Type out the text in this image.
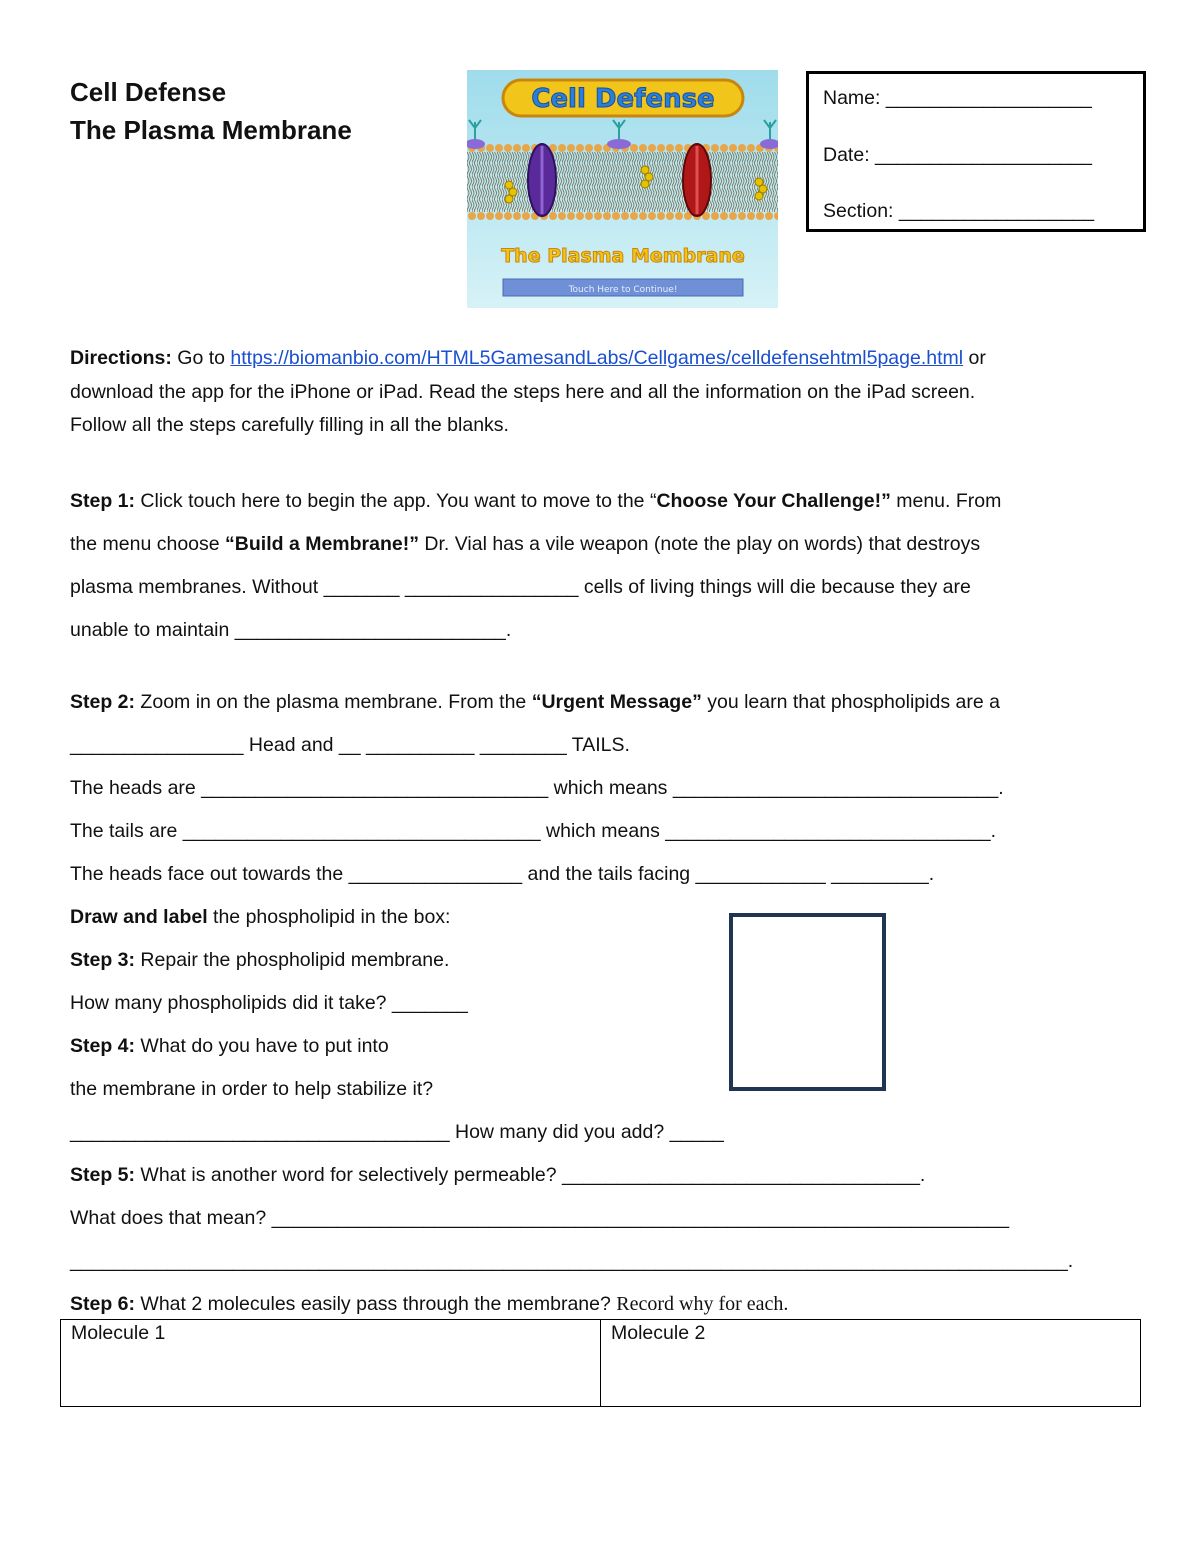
Cell Defense
The Plasma Membrane
Cell Defense
The Plasma Membrane
Touch Here to Continue!
Name: ___________________
Date: ____________________
Section: __________________
Directions: Go to https://biomanbio.com/HTML5GamesandLabs/Cellgames/celldefensehtml5page.html or
download the app for the iPhone or iPad. Read the steps here and all the information on the iPad screen.
Follow all the steps carefully filling in all the blanks.
Step 1: Click touch here to begin the app. You want to move to the “Choose Your Challenge!” menu. From
the menu choose “Build a Membrane!” Dr. Vial has a vile weapon (note the play on words) that destroys
plasma membranes. Without _______ ________________ cells of living things will die because they are
unable to maintain _________________________.
Step 2: Zoom in on the plasma membrane. From the “Urgent Message” you learn that phospholipids are a
________________ Head and __ __________ ________ TAILS.
The heads are ________________________________ which means ______________________________.
The tails are _________________________________ which means ______________________________.
The heads face out towards the ________________ and the tails facing ____________ _________.
Draw and label the phospholipid in the box:
Step 3: Repair the phospholipid membrane.
How many phospholipids did it take? _______
Step 4: What do you have to put into
the membrane in order to help stabilize it?
___________________________________ How many did you add? _____
Step 5: What is another word for selectively permeable? _________________________________.
What does that mean? ____________________________________________________________________
____________________________________________________________________________________________.
Step 6: What 2 molecules easily pass through the membrane? Record why for each.
Molecule 1	Molecule 2
